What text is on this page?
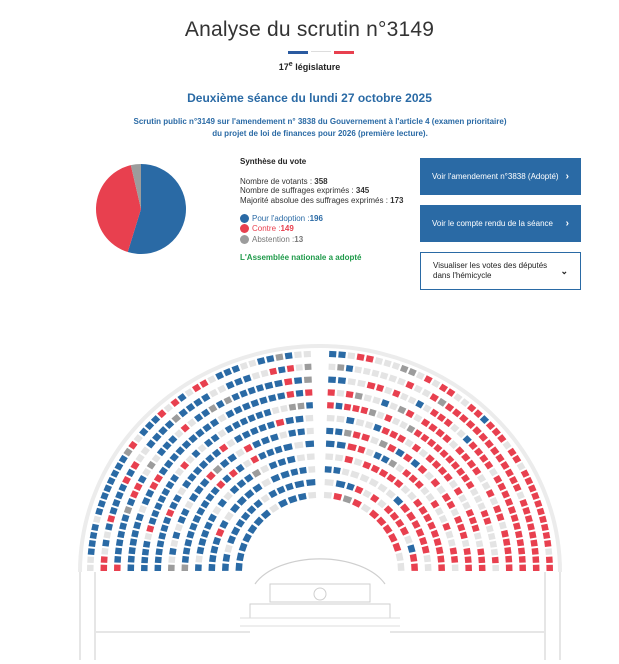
Analyse du scrutin n°3149
17e législature
Deuxième séance du lundi 27 octobre 2025
Scrutin public n°3149 sur l'amendement n° 3838 du Gouvernement à l'article 4 (examen prioritaire)
du projet de loi de finances pour 2026 (première lecture).
Synthèse du vote
Nombre de votants : 358
Nombre de suffrages exprimés : 345
Majorité absolue des suffrages exprimés : 173
Pour l'adoption : 196
Contre : 149
Abstention : 13
L'Assemblée nationale a adopté
Voir l'amendement n°3838 (Adopté) ›
Voir le compte rendu de la séance ›
Visualiser les votes des députés dans l'hémicycle	⌄
